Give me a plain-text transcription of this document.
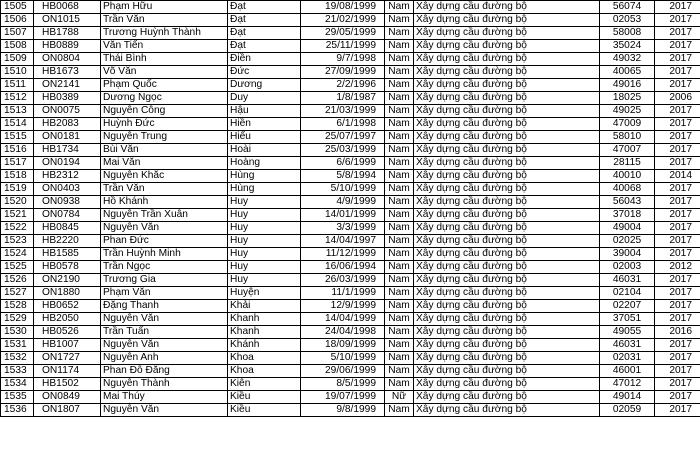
1505	HB0068	Phạm Hữu	Đạt	19/08/1999	Nam	Xây dựng cầu đường bộ	56074	2017
1506	ON1015	Trần Văn	Đạt	21/02/1999	Nam	Xây dựng cầu đường bộ	02053	2017
1507	HB1788	Trương Huỳnh Thành	Đạt	29/05/1999	Nam	Xây dựng cầu đường bộ	58008	2017
1508	HB0889	Văn Tiến	Đạt	25/11/1999	Nam	Xây dựng cầu đường bộ	35024	2017
1509	ON0804	Thái Bình	Điền	9/7/1998	Nam	Xây dựng cầu đường bộ	49032	2017
1510	HB1673	Võ Văn	Đức	27/09/1999	Nam	Xây dựng cầu đường bộ	40065	2017
1511	ON2141	Phạm Quốc	Dương	2/2/1996	Nam	Xây dựng cầu đường bộ	49016	2017
1512	HB0389	Dương Ngọc	Duy	1/8/1987	Nam	Xây dựng cầu đường bộ	18025	2006
1513	ON0075	Nguyễn Công	Hậu	21/03/1999	Nam	Xây dựng cầu đường bộ	49025	2017
1514	HB2083	Huỳnh Đức	Hiền	6/1/1998	Nam	Xây dựng cầu đường bộ	47009	2017
1515	ON0181	Nguyễn Trung	Hiếu	25/07/1997	Nam	Xây dựng cầu đường bộ	58010	2017
1516	HB1734	Bùi Văn	Hoài	25/03/1999	Nam	Xây dựng cầu đường bộ	47007	2017
1517	ON0194	Mai Văn	Hoàng	6/6/1999	Nam	Xây dựng cầu đường bộ	28115	2017
1518	HB2312	Nguyễn Khắc	Hùng	5/8/1994	Nam	Xây dựng cầu đường bộ	40010	2014
1519	ON0403	Trần Văn	Hùng	5/10/1999	Nam	Xây dựng cầu đường bộ	40068	2017
1520	ON0938	Hồ Khánh	Huy	4/9/1999	Nam	Xây dựng cầu đường bộ	56043	2017
1521	ON0784	Nguyễn Trần Xuân	Huy	14/01/1999	Nam	Xây dựng cầu đường bộ	37018	2017
1522	HB0845	Nguyễn Văn	Huy	3/3/1999	Nam	Xây dựng cầu đường bộ	49004	2017
1523	HB2220	Phan Đức	Huy	14/04/1997	Nam	Xây dựng cầu đường bộ	02025	2017
1524	HB1585	Trần Huỳnh Minh	Huy	11/12/1999	Nam	Xây dựng cầu đường bộ	39004	2017
1525	HB0578	Trần Ngọc	Huy	16/06/1994	Nam	Xây dựng cầu đường bộ	02003	2012
1526	ON2190	Trương Gia	Huy	26/03/1999	Nam	Xây dựng cầu đường bộ	46031	2017
1527	ON1880	Phạm Văn	Huyện	11/1/1999	Nam	Xây dựng cầu đường bộ	02104	2017
1528	HB0652	Đặng Thanh	Khải	12/9/1999	Nam	Xây dựng cầu đường bộ	02207	2017
1529	HB2050	Nguyễn Văn	Khanh	14/04/1999	Nam	Xây dựng cầu đường bộ	37051	2017
1530	HB0526	Trần Tuấn	Khanh	24/04/1998	Nam	Xây dựng cầu đường bộ	49055	2016
1531	HB1007	Nguyễn Văn	Khánh	18/09/1999	Nam	Xây dựng cầu đường bộ	46031	2017
1532	ON1727	Nguyễn Anh	Khoa	5/10/1999	Nam	Xây dựng cầu đường bộ	02031	2017
1533	ON1174	Phan Đỗ Đăng	Khoa	29/06/1999	Nam	Xây dựng cầu đường bộ	46001	2017
1534	HB1502	Nguyễn Thành	Kiên	8/5/1999	Nam	Xây dựng cầu đường bộ	47012	2017
1535	ON0849	Mai Thúy	Kiều	19/07/1999	Nữ	Xây dựng cầu đường bộ	49014	2017
1536	ON1807	Nguyễn Văn	Kiều	9/8/1999	Nam	Xây dựng cầu đường bộ	02059	2017
